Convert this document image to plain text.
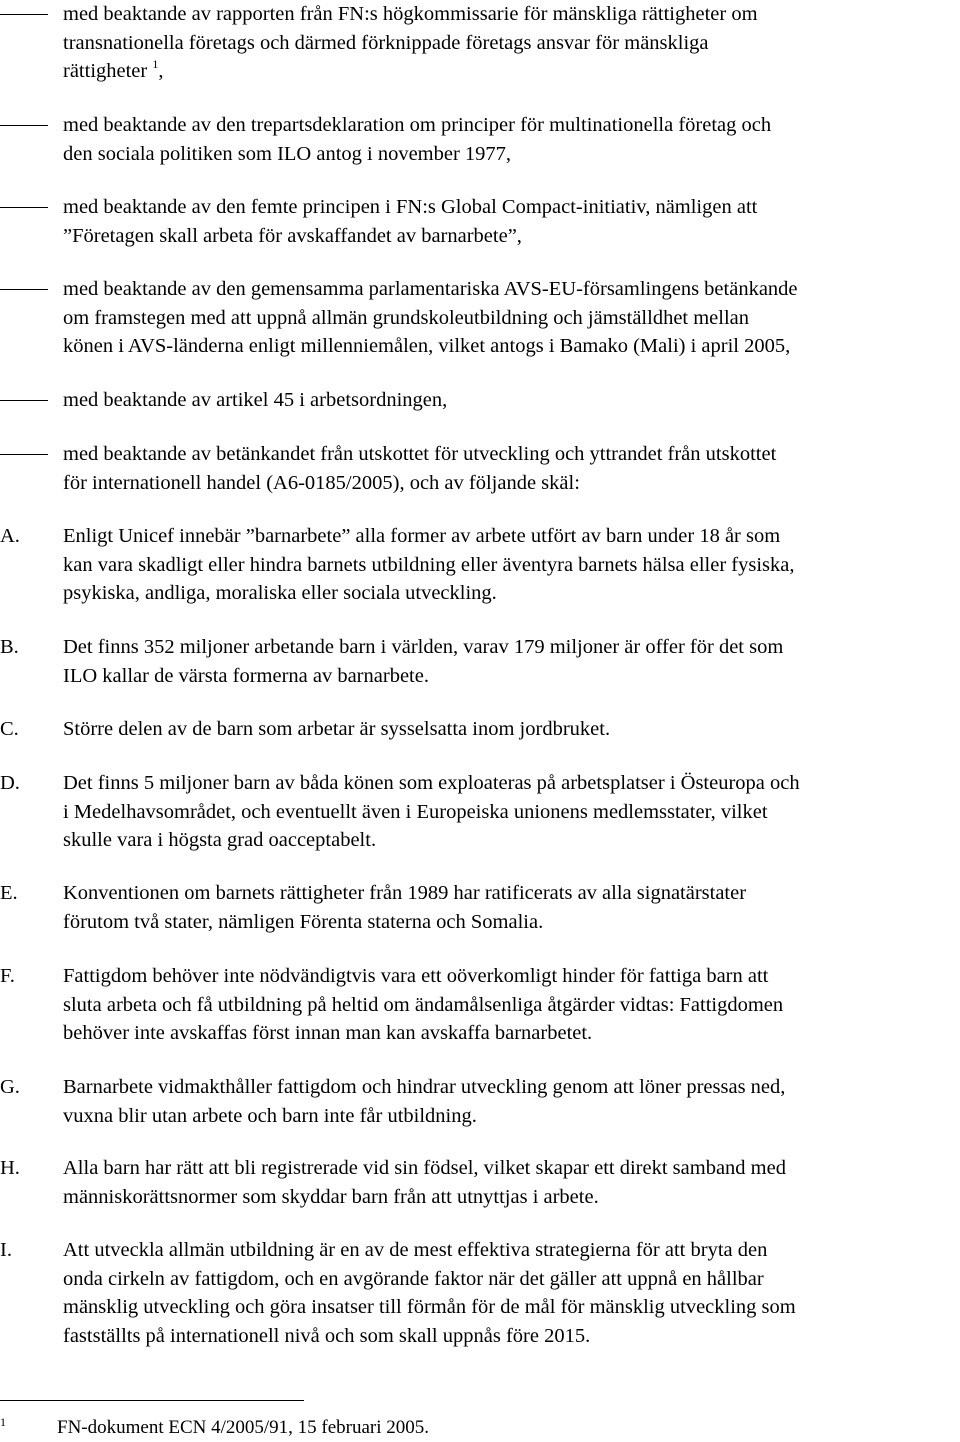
med beaktande av rapporten från FN:s högkommissarie för mänskliga rättigheter om
transnationella företags och därmed förknippade företags ansvar för mänskliga
rättigheter $^1$,
med beaktande av den trepartsdeklaration om principer för multinationella företag och
den sociala politiken som ILO antog i november 1977,
med beaktande av den femte principen i FN:s Global Compact-initiativ, nämligen att
”Företagen skall arbeta för avskaffandet av barnarbete”,
med beaktande av den gemensamma parlamentariska AVS-EU-församlingens betänkande
om framstegen med att uppnå allmän grundskoleutbildning och jämställdhet mellan
könen i AVS-länderna enligt millenniemålen, vilket antogs i Bamako (Mali) i april 2005,
med beaktande av artikel 45 i arbetsordningen,
med beaktande av betänkandet från utskottet för utveckling och yttrandet från utskottet
för internationell handel (A6-0185/2005), och av följande skäl:
A.	Enligt Unicef innebär ”barnarbete” alla former av arbete utfört av barn under 18 år som
kan vara skadligt eller hindra barnets utbildning eller äventyra barnets hälsa eller fysiska,
psykiska, andliga, moraliska eller sociala utveckling.
B.	Det finns 352 miljoner arbetande barn i världen, varav 179 miljoner är offer för det som
ILO kallar de värsta formerna av barnarbete.
C.	Större delen av de barn som arbetar är sysselsatta inom jordbruket.
D.	Det finns 5 miljoner barn av båda könen som exploateras på arbetsplatser i Östeuropa och
i Medelhavsområdet, och eventuellt även i Europeiska unionens medlemsstater, vilket
skulle vara i högsta grad oacceptabelt.
E.	Konventionen om barnets rättigheter från 1989 har ratificerats av alla signatärstater
förutom två stater, nämligen Förenta staterna och Somalia.
F.	Fattigdom behöver inte nödvändigtvis vara ett oöverkomligt hinder för fattiga barn att
sluta arbeta och få utbildning på heltid om ändamålsenliga åtgärder vidtas: Fattigdomen
behöver inte avskaffas först innan man kan avskaffa barnarbetet.
G.	Barnarbete vidmakthåller fattigdom och hindrar utveckling genom att löner pressas ned,
vuxna blir utan arbete och barn inte får utbildning.
H.	Alla barn har rätt att bli registrerade vid sin födsel, vilket skapar ett direkt samband med
människorättsnormer som skyddar barn från att utnyttjas i arbete.
I.	Att utveckla allmän utbildning är en av de mest effektiva strategierna för att bryta den
onda cirkeln av fattigdom, och en avgörande faktor när det gäller att uppnå en hållbar
mänsklig utveckling och göra insatser till förmån för de mål för mänsklig utveckling som
fastställts på internationell nivå och som skall uppnås före 2015.
1	FN-dokument ECN 4/2005/91, 15 februari 2005.
